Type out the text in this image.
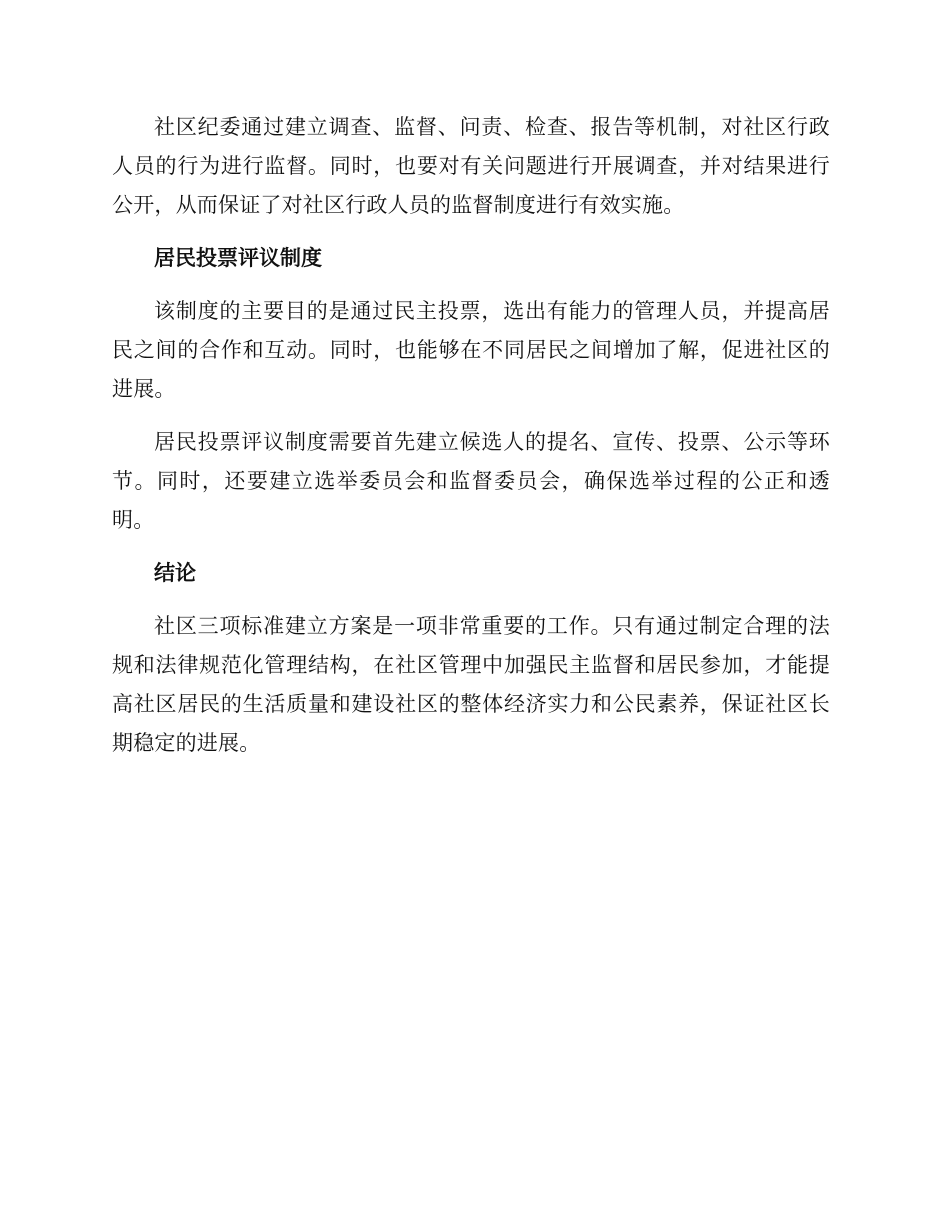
社区纪委通过建立调查、监督、问责、检查、报告等机制，对社区行政人员的行为进行监督。同时，也要对有关问题进行开展调查，并对结果进行公开，从而保证了对社区行政人员的监督制度进行有效实施。

居民投票评议制度

该制度的主要目的是通过民主投票，选出有能力的管理人员，并提高居民之间的合作和互动。同时，也能够在不同居民之间增加了解，促进社区的进展。

居民投票评议制度需要首先建立候选人的提名、宣传、投票、公示等环节。同时，还要建立选举委员会和监督委员会，确保选举过程的公正和透明。

结论

社区三项标准建立方案是一项非常重要的工作。只有通过制定合理的法规和法律规范化管理结构，在社区管理中加强民主监督和居民参加，才能提高社区居民的生活质量和建设社区的整体经济实力和公民素养，保证社区长期稳定的进展。
